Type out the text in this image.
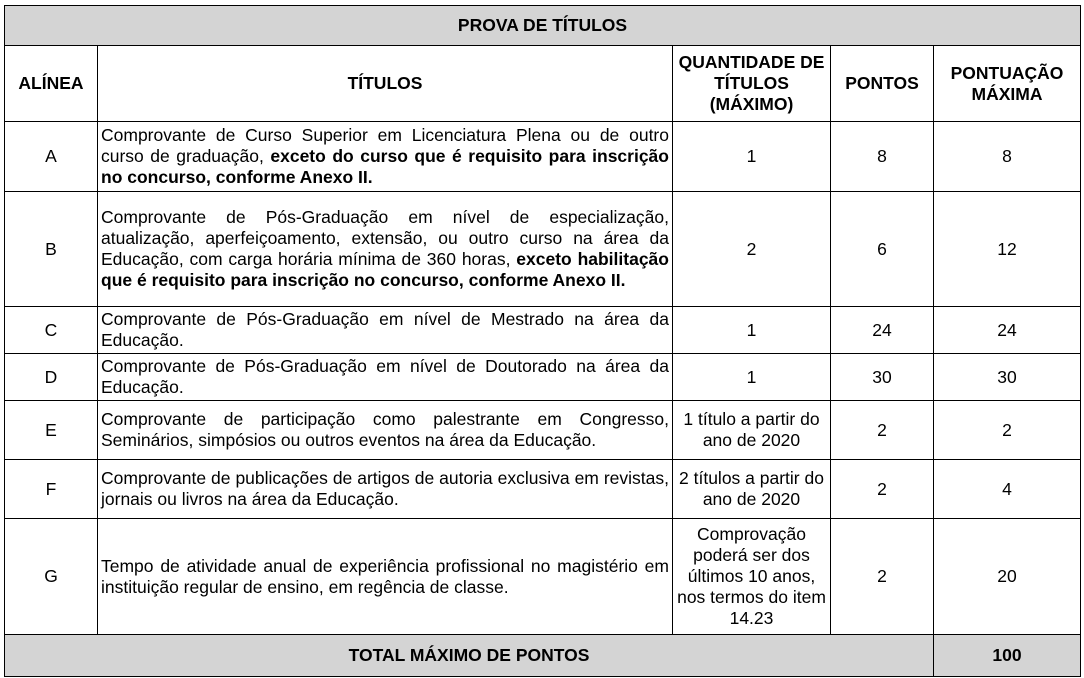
PROVA DE TÍTULOS				
ALÍNEA	TÍTULOS	QUANTIDADE DE TÍTULOS (MÁXIMO)	PONTOS	PONTUAÇÃO MÁXIMA
A	Comprovante de Curso Superior em Licenciatura Plena ou de outro curso de graduação, exceto do curso que é requisito para inscrição no concurso, conforme Anexo II.	1	8	8
B	Comprovante de Pós-Graduação em nível de especialização, atualização, aperfeiçoamento, extensão, ou outro curso na área da Educação, com carga horária mínima de 360 horas, exceto habilitação que é requisito para inscrição no concurso, conforme Anexo II.	2	6	12
C	Comprovante de Pós-Graduação em nível de Mestrado na área da Educação.	1	24	24
D	Comprovante de Pós-Graduação em nível de Doutorado na área da Educação.	1	30	30
E	Comprovante de participação como palestrante em Congresso, Seminários, simpósios ou outros eventos na área da Educação.	1 título a partir do ano de 2020	2	2
F	Comprovante de publicações de artigos de autoria exclusiva em revistas, jornais ou livros na área da Educação.	2 títulos a partir do ano de 2020	2	4
G	Tempo de atividade anual de experiência profissional no magistério em instituição regular de ensino, em regência de classe.	Comprovação poderá ser dos últimos 10 anos, nos termos do item 14.23	2	20
TOTAL MÁXIMO DE PONTOS				100
